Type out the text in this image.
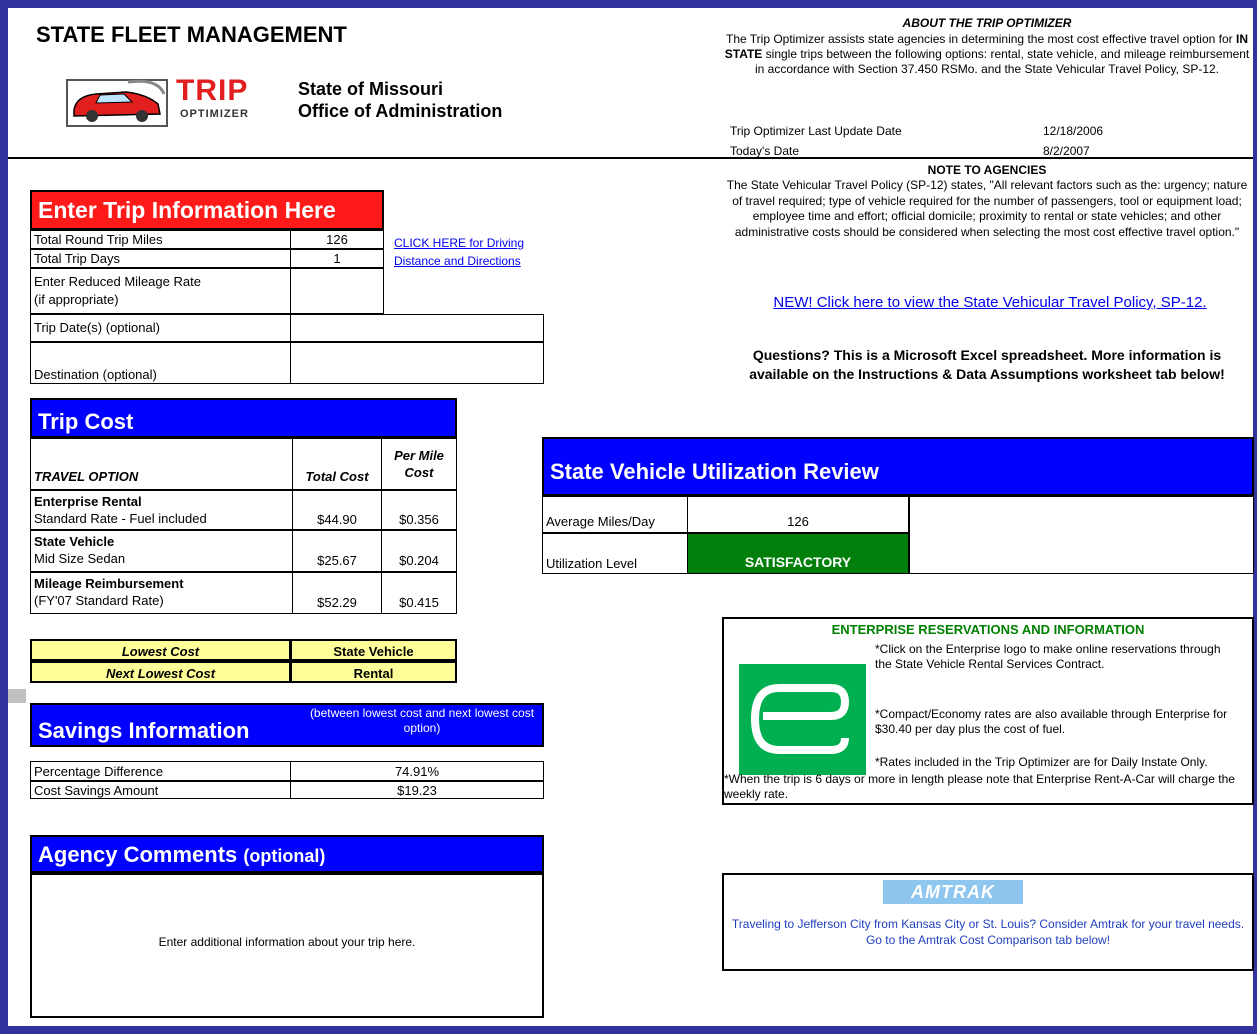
STATE FLEET MANAGEMENT
TRIP
OPTIMIZER
State of Missouri
Office of Administration
ABOUT THE TRIP OPTIMIZER
The Trip Optimizer assists state agencies in determining the most cost effective travel option for IN STATE single trips between the following options: rental, state vehicle, and mileage reimbursement in accordance with Section 37.450 RSMo. and the State Vehicular Travel Policy, SP-12.
Trip Optimizer Last Update Date	12/18/2006
Today's Date	8/2/2007
NOTE TO AGENCIES
The State Vehicular Travel Policy (SP-12) states, "All relevant factors such as the: urgency; nature of travel required; type of vehicle required for the number of passengers, tool or equipment load; employee time and effort; official domicile; proximity to rental or state vehicles; and other administrative costs should be considered when selecting the most cost effective travel option."
NEW! Click here to view the State Vehicular Travel Policy, SP-12.
Questions? This is a Microsoft Excel spreadsheet. More information is available on the Instructions & Data Assumptions worksheet tab below!
Enter Trip Information Here
Total Round Trip Miles	126
Total Trip Days	1
Enter Reduced Mileage Rate
(if appropriate)
Trip Date(s) (optional)
Destination (optional)
CLICK HERE for Driving
Distance and Directions
Trip Cost
TRAVEL OPTION	Total Cost
Per Mile
Cost
Enterprise Rental
Standard Rate - Fuel included	$44.90	$0.356
State Vehicle
Mid Size Sedan	$25.67	$0.204
Mileage Reimbursement
(FY'07 Standard Rate)	$52.29	$0.415
Lowest Cost	State Vehicle
Next Lowest Cost	Rental
Savings Information
(between lowest cost and next lowest cost option)
Percentage Difference	74.91%
Cost Savings Amount	$19.23
Agency Comments (optional)
Enter additional information about your trip here.
State Vehicle Utilization Review
Average Miles/Day	126
Utilization Level	SATISFACTORY
ENTERPRISE RESERVATIONS AND INFORMATION
*Click on the Enterprise logo to make online reservations through the State Vehicle Rental Services Contract.
*Compact/Economy rates are also available through Enterprise for $30.40 per day plus the cost of fuel.
*Rates included in the Trip Optimizer are for Daily Instate Only.
*When the trip is 6 days or more in length please note that Enterprise Rent-A-Car will charge the weekly rate.
AMTRAK
Traveling to Jefferson City from Kansas City or St. Louis? Consider Amtrak for your travel needs. Go to the Amtrak Cost Comparison tab below!
